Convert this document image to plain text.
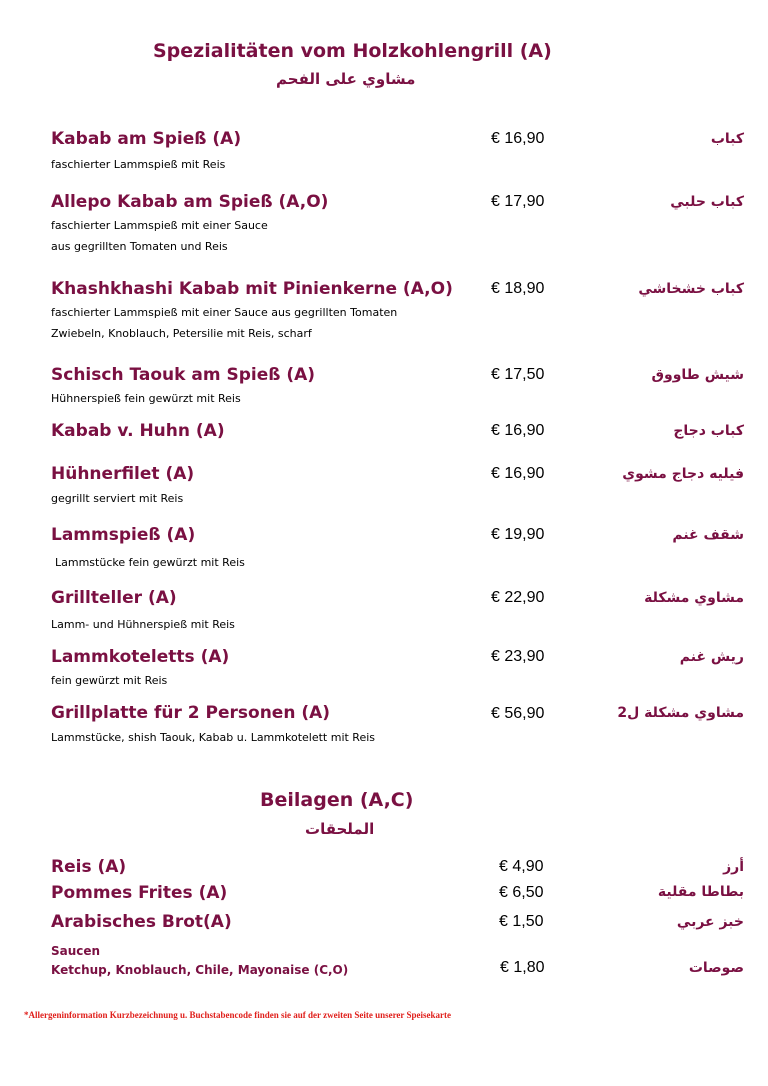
Spezialitäten vom Holzkohlengrill (A)
مشاوي على الفحم
Kabab am Spieß (A)	€ 16,90	كباب
faschierter Lammspieß mit Reis
Allepo Kabab am Spieß (A,O)	€ 17,90	كباب حلبي
faschierter Lammspieß mit einer Sauce
aus gegrillten Tomaten und Reis
Khashkhashi Kabab mit Pinienkerne (A,O) € 18,90	كباب خشخاشي
faschierter Lammspieß mit einer Sauce aus gegrillten Tomaten
Zwiebeln, Knoblauch, Petersilie mit Reis, scharf
Schisch Taouk am Spieß (A)	€ 17,50	شيش طاووق
Hühnerspieß fein gewürzt mit Reis
Kabab v. Huhn (A)	€ 16,90	كباب دجاج
Hühnerfilet (A)	€ 16,90	فيليه دجاج مشوي
gegrillt serviert mit Reis
Lammspieß (A)	€ 19,90	شقف غنم
Lammstücke fein gewürzt mit Reis
Grillteller (A)	€ 22,90	مشاوي مشكلة
Lamm- und Hühnerspieß mit Reis
Lammkoteletts (A)	€ 23,90	ريش غنم
fein gewürzt mit Reis
Grillplatte für 2 Personen (A)	€ 56,90	مشاوي مشكلة ل2
Lammstücke, shish Taouk, Kabab u. Lammkotelett mit Reis
Beilagen (A,C)
الملحقات
Reis (A)	€ 4,90	أرز
Pommes Frites (A)	€ 6,50	بطاطا مقلية
Arabisches Brot(A)	€ 1,50	خبز عربي
Saucen
Ketchup, Knoblauch, Chile, Mayonaise (C,O)	€ 1,80	صوصات
*Allergeninformation Kurzbezeichnung u. Buchstabencode finden sie auf der zweiten Seite unserer Speisekarte
